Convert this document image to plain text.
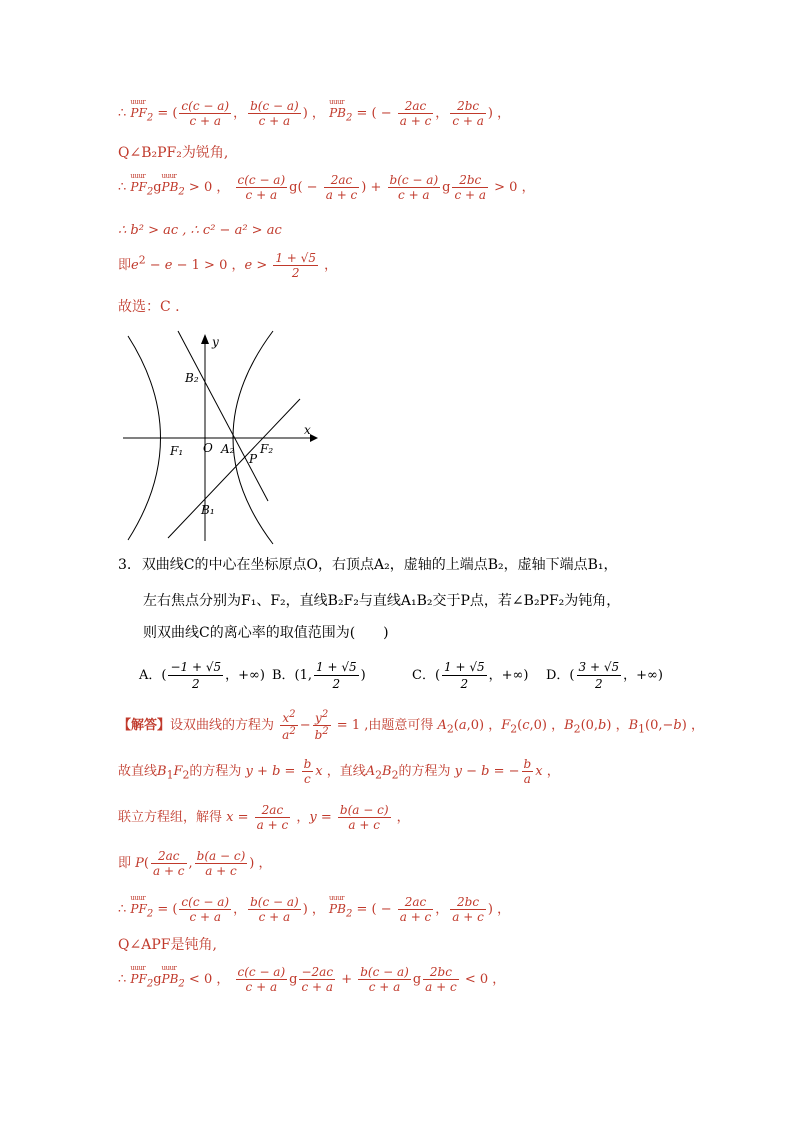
∴
uuur
$PF_2$ = ( $\frac{c(c - a)}{c + a}$ ， $\frac{b(c - a)}{c + a}$ ) ，
uuur
$PB_2$ = ( − $\frac{2ac}{a + c}$ ， $\frac{2bc}{c + a}$ ) ，
Q∠B₂PF₂为锐角,
∴
uuur
$PF_2g$
uuur
$PB_2 > 0$ ， $\frac{c(c - a)}{c + a} g( - \frac{2ac}{a + c}$ ) + $\frac{b(c - a)}{c + a}$ g $\frac{2bc}{c + a} > 0$ ，
∴ b² > ac , ∴ c² − a² > ac
即$e^2 - e - 1 > 0$ ，$e > \frac{1 + √5}{2}$ ，
故选：C .
y
x
B₂
B₁
F₁ O A₂ F₂
P
3. 双曲线C的中心在坐标原点O，右顶点A₂，虚轴的上端点B₂，虚轴下端点B₁，
左右焦点分别为F₁、F₂，直线B₂F₂与直线A₁B₂交于P点，若∠B₂PF₂为钝角，
则双曲线C的离心率的取值范围为(　　)
A．( $\frac{-1 + √5}{2}$ ，+∞) B．(1, $\frac{1 + √5}{2}$ )	C．( $\frac{1 + √5}{2}$ ，+∞) D．( $\frac{3 + √5}{2}$ ，+∞)
【解答】设双曲线的方程为 $\frac{x^2}{a^2} - \frac{y^2}{b^2} = 1$ ,由题意可得 $A_2(a,0)$ ，$F_2(c,0)$ ，$B_2(0,b)$ ，$B_1(0,-b)$ ，
故直线$B_1F_2$的方程为 $y + b = \frac{b}{c}$ x ，直线$A_2B_2$的方程为 y − b = − $\frac{b}{a}$ x ，
联立方程组，解得 $x = \frac{2ac}{a + c}$ ，$y = \frac{b(a - c)}{a + c}$ ，
即 $P( \frac{2ac}{a + c}$ , $\frac{b(a - c)}{a + c}$ ) ，
∴
uuur
$PF_2$ = ( $\frac{c(c - a)}{c + a}$ ， $\frac{b(c - a)}{c + a}$ ) ，
uuur
$PB_2$ = ( − $\frac{2ac}{a + c}$ ， $\frac{2bc}{a + c}$ ) ，
Q∠APF是钝角,
∴
uuur
$PF_2g$
uuur
$PB_2 < 0$ ， $\frac{c(c - a)}{c + a}$ g $\frac{-2ac}{c + a} + \frac{b(c - a)}{c + a}$ g $\frac{2bc}{a + c} < 0$ ，
